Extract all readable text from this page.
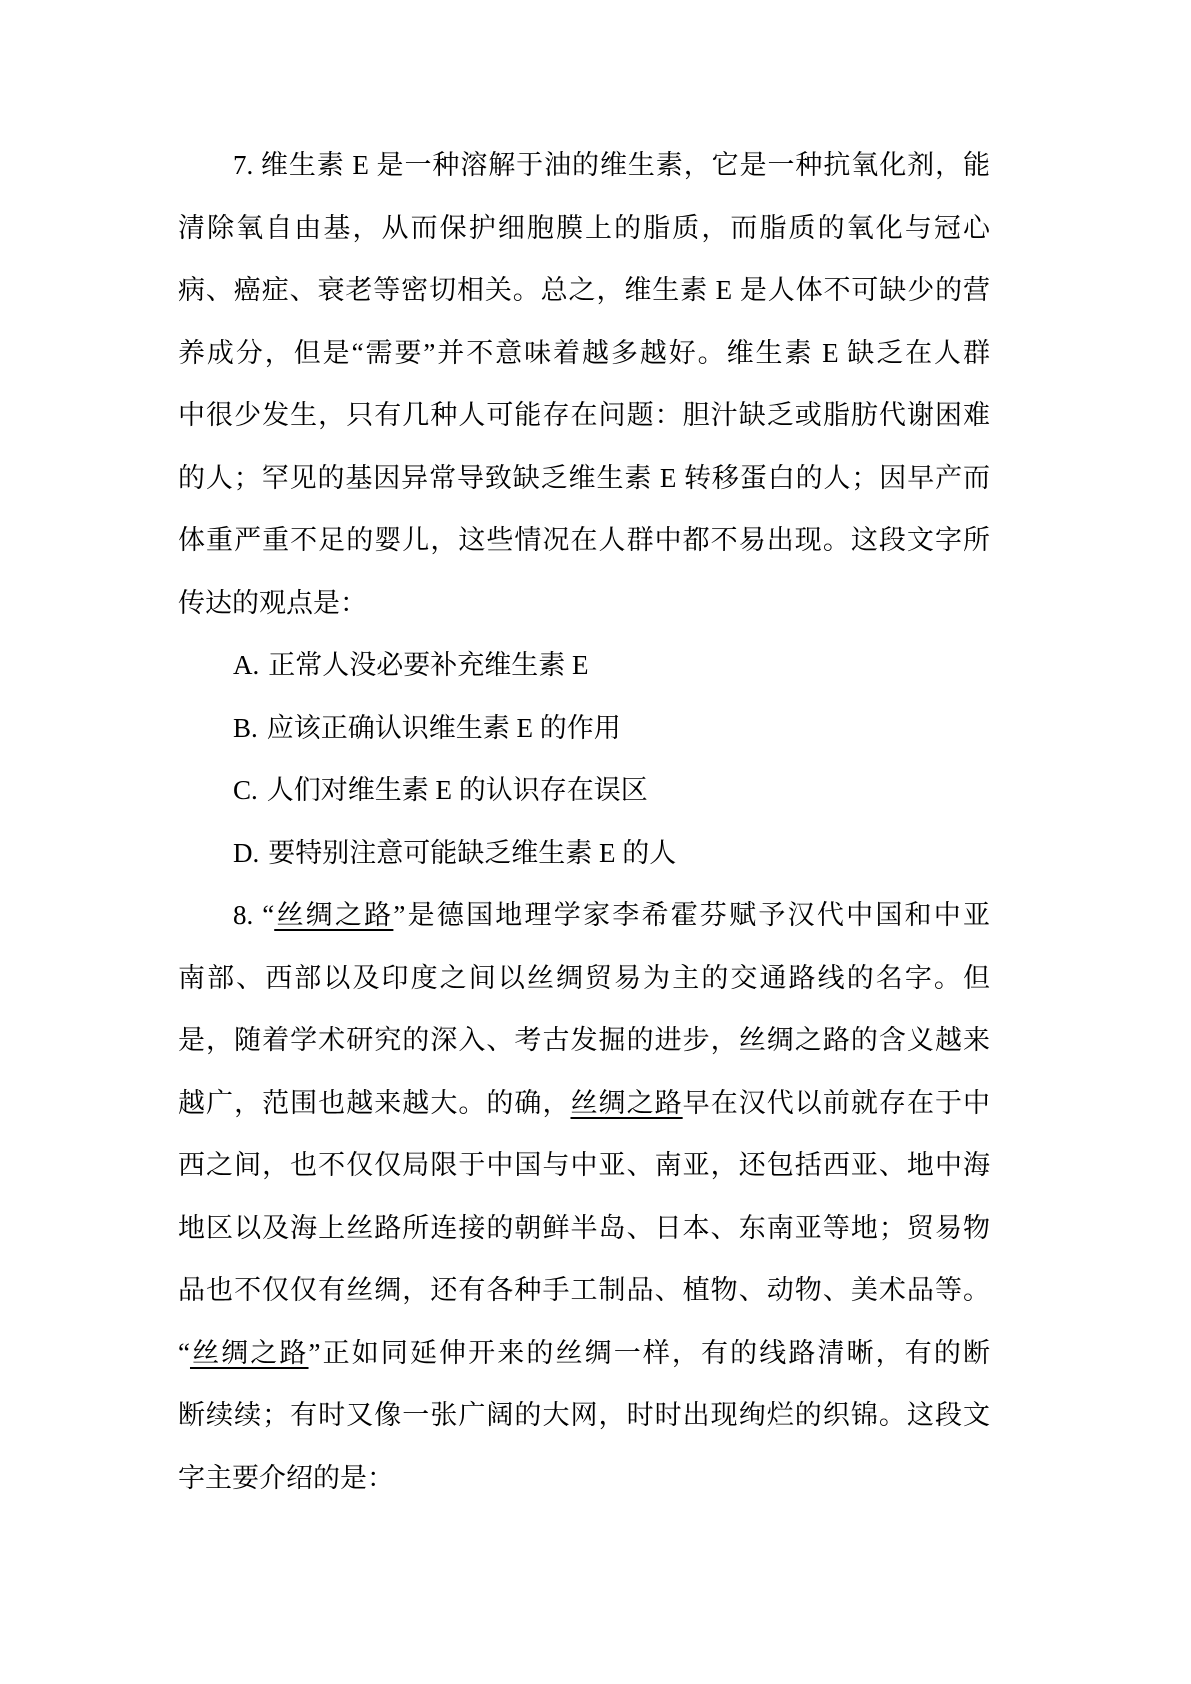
7. 维生素 E 是一种溶解于油的维生素，它是一种抗氧化剂，能
清除氧自由基，从而保护细胞膜上的脂质，而脂质的氧化与冠心
病、癌症、衰老等密切相关。总之，维生素 E 是人体不可缺少的营
养成分，但是“需要”并不意味着越多越好。维生素 E 缺乏在人群
中很少发生，只有几种人可能存在问题：胆汁缺乏或脂肪代谢困难
的人；罕见的基因异常导致缺乏维生素 E 转移蛋白的人；因早产而
体重严重不足的婴儿，这些情况在人群中都不易出现。这段文字所
传达的观点是：
A. 正常人没必要补充维生素 E
B. 应该正确认识维生素 E 的作用
C. 人们对维生素 E 的认识存在误区
D. 要特别注意可能缺乏维生素 E 的人
8. “丝绸之路”是德国地理学家李希霍芬赋予汉代中国和中亚
南部、西部以及印度之间以丝绸贸易为主的交通路线的名字。但
是，随着学术研究的深入、考古发掘的进步，丝绸之路的含义越来
越广，范围也越来越大。的确，丝绸之路早在汉代以前就存在于中
西之间，也不仅仅局限于中国与中亚、南亚，还包括西亚、地中海
地区以及海上丝路所连接的朝鲜半岛、日本、东南亚等地；贸易物
品也不仅仅有丝绸，还有各种手工制品、植物、动物、美术品等。
“丝绸之路”正如同延伸开来的丝绸一样，有的线路清晰，有的断
断续续；有时又像一张广阔的大网，时时出现绚烂的织锦。这段文
字主要介绍的是：
